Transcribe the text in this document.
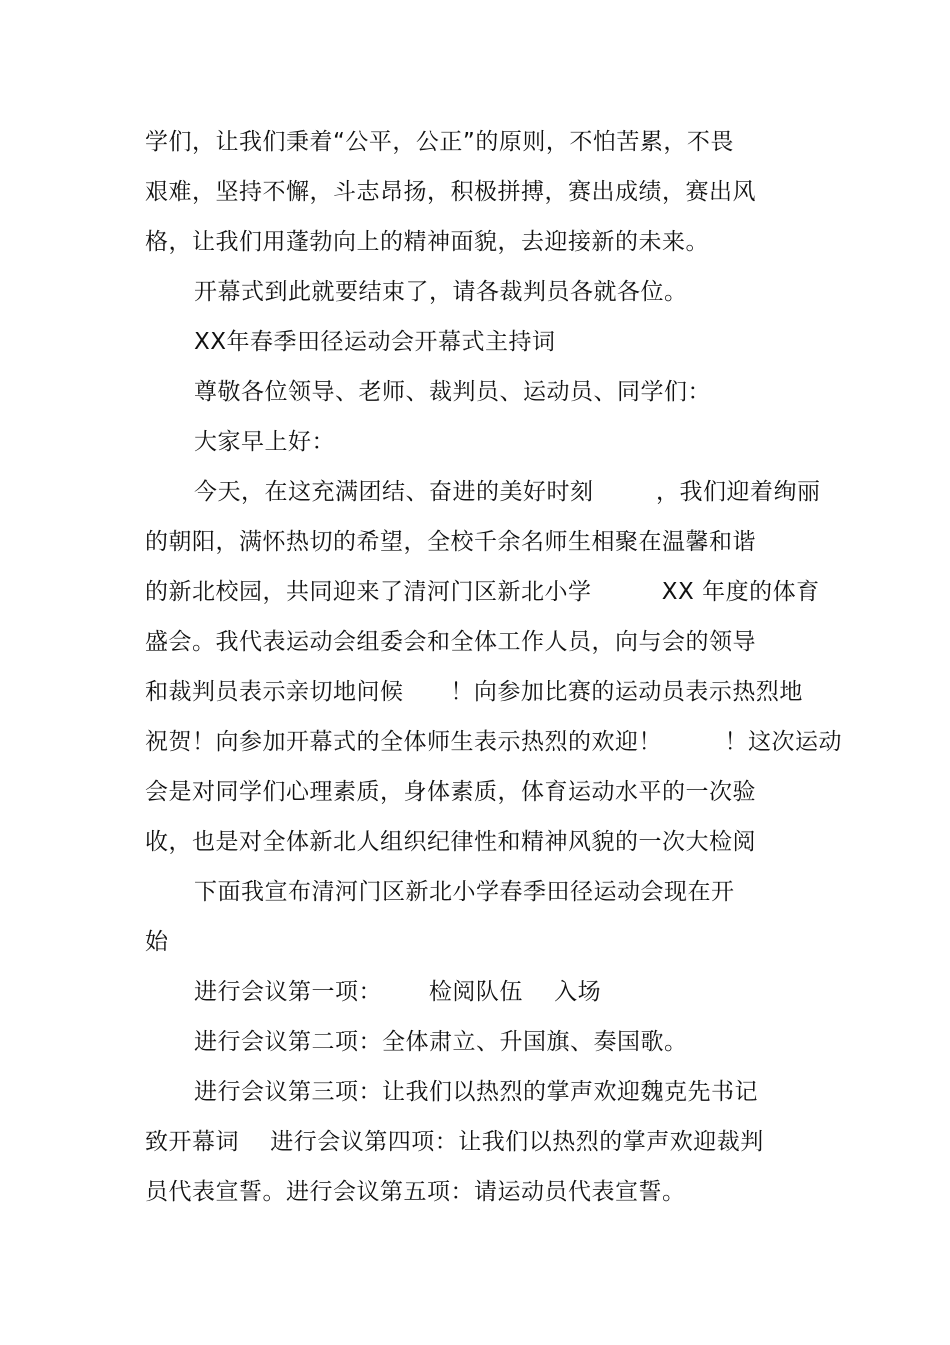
学们，让我们秉着“公平，公正”的原则，不怕苦累，不畏
艰难，坚持不懈，斗志昂扬，积极拼搏，赛出成绩，赛出风
格，让我们用蓬勃向上的精神面貌，去迎接新的未来。
开幕式到此就要结束了，请各裁判员各就各位。
XX年春季田径运动会开幕式主持词
尊敬各位领导、老师、裁判员、运动员、同学们：
大家早上好：
今天，在这充满团结、奋进的美好时刻        ，我们迎着绚丽
的朝阳，满怀热切的希望，全校千余名师生相聚在温馨和谐
的新北校园，共同迎来了清河门区新北小学         XX 年度的体育
盛会。我代表运动会组委会和全体工作人员，向与会的领导
和裁判员表示亲切地问候      ！向参加比赛的运动员表示热烈地
祝贺！向参加开幕式的全体师生表示热烈的欢迎！        ！这次运动
会是对同学们心理素质，身体素质，体育运动水平的一次验
收，也是对全体新北人组织纪律性和精神风貌的一次大检阅
下面我宣布清河门区新北小学春季田径运动会现在开
始
进行会议第一项：      检阅队伍    入场
进行会议第二项：全体肃立、升国旗、奏国歌。
进行会议第三项：让我们以热烈的掌声欢迎魏克先书记
致开幕词    进行会议第四项：让我们以热烈的掌声欢迎裁判
员代表宣誓。进行会议第五项：请运动员代表宣誓。
